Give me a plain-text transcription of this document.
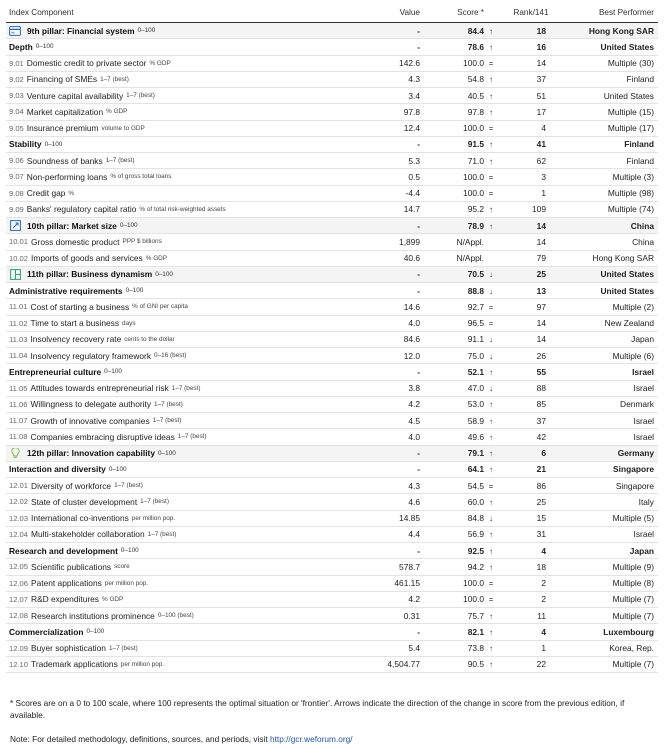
Index Component	Value	Score *	Rank/141	Best Performer
9th pillar: Financial system 0–100	-	84.4 ↑	18	Hong Kong SAR
Depth 0–100	-	78.6 ↑	16	United States
9.01 Domestic credit to private sector % GDP	142.6	100.0 =	14	Multiple (30)
9.02 Financing of SMEs 1–7 (best)	4.3	54.8 ↑	37	Finland
9.03 Venture capital availability 1–7 (best)	3.4	40.5 ↑	51	United States
9.04 Market capitalization % GDP	97.8	97.8 ↑	17	Multiple (15)
9.05 Insurance premium volume to GDP	12.4	100.0 =	4	Multiple (17)
Stability 0–100	-	91.5 ↑	41	Finland
9.06 Soundness of banks 1–7 (best)	5.3	71.0 ↑	62	Finland
9.07 Non-performing loans % of gross total loans	0.5	100.0 =	3	Multiple (3)
9.08 Credit gap %	-4.4	100.0 =	1	Multiple (98)
9.09 Banks' regulatory capital ratio % of total risk-weighted assets	14.7	95.2 ↑	109	Multiple (74)
10th pillar: Market size 0–100	-	78.9 ↑	14	China
10.01 Gross domestic product PPP $ billions	1,899	N/Appl.	14	China
10.02 Imports of goods and services % GDP	40.6	N/Appl.	79	Hong Kong SAR
11th pillar: Business dynamism 0–100	-	70.5 ↓	25	United States
Administrative requirements 0–100	-	88.8 ↓	13	United States
11.01 Cost of starting a business % of GNI per capita	14.6	92.7 =	97	Multiple (2)
11.02 Time to start a business days	4.0	96.5 =	14	New Zealand
11.03 Insolvency recovery rate cents to the dollar	84.6	91.1 ↓	14	Japan
11.04 Insolvency regulatory framework 0–16 (best)	12.0	75.0 ↓	26	Multiple (6)
Entrepreneurial culture 0–100	-	52.1 ↑	55	Israel
11.05 Attitudes towards entrepreneurial risk 1–7 (best)	3.8	47.0 ↓	88	Israel
11.06 Willingness to delegate authority 1–7 (best)	4.2	53.0 ↑	85	Denmark
11.07 Growth of innovative companies 1–7 (best)	4.5	58.9 ↑	37	Israel
11.08 Companies embracing disruptive ideas 1–7 (best)	4.0	49.6 ↑	42	Israel
12th pillar: Innovation capability 0–100	-	79.1 ↑	6	Germany
Interaction and diversity 0–100	-	64.1 ↑	21	Singapore
12.01 Diversity of workforce 1–7 (best)	4.3	54.5 =	86	Singapore
12.02 State of cluster development 1–7 (best)	4.6	60.0 ↑	25	Italy
12.03 International co-inventions per million pop.	14.85	84.8 ↓	15	Multiple (5)
12.04 Multi-stakeholder collaboration 1–7 (best)	4.4	56.9 ↑	31	Israel
Research and development 0–100	-	92.5 ↑	4	Japan
12.05 Scientific publications score	578.7	94.2 ↑	18	Multiple (9)
12.06 Patent applications per million pop.	461.15	100.0 =	2	Multiple (8)
12.07 R&D expenditures % GDP	4.2	100.0 =	2	Multiple (7)
12.08 Research institutions prominence 0–100 (best)	0.31	75.7 ↑	11	Multiple (7)
Commercialization 0–100	-	82.1 ↑	4	Luxembourg
12.09 Buyer sophistication 1–7 (best)	5.4	73.8 ↑	1	Korea, Rep.
12.10 Trademark applications per million pop.	4,504.77	90.5 ↑	22	Multiple (7)
* Scores are on a 0 to 100 scale, where 100 represents the optimal situation or 'frontier'. Arrows indicate the direction of the change in score from the previous edition, if available.
Note: For detailed methodology, definitions, sources, and periods, visit http://gcr.weforum.org/
